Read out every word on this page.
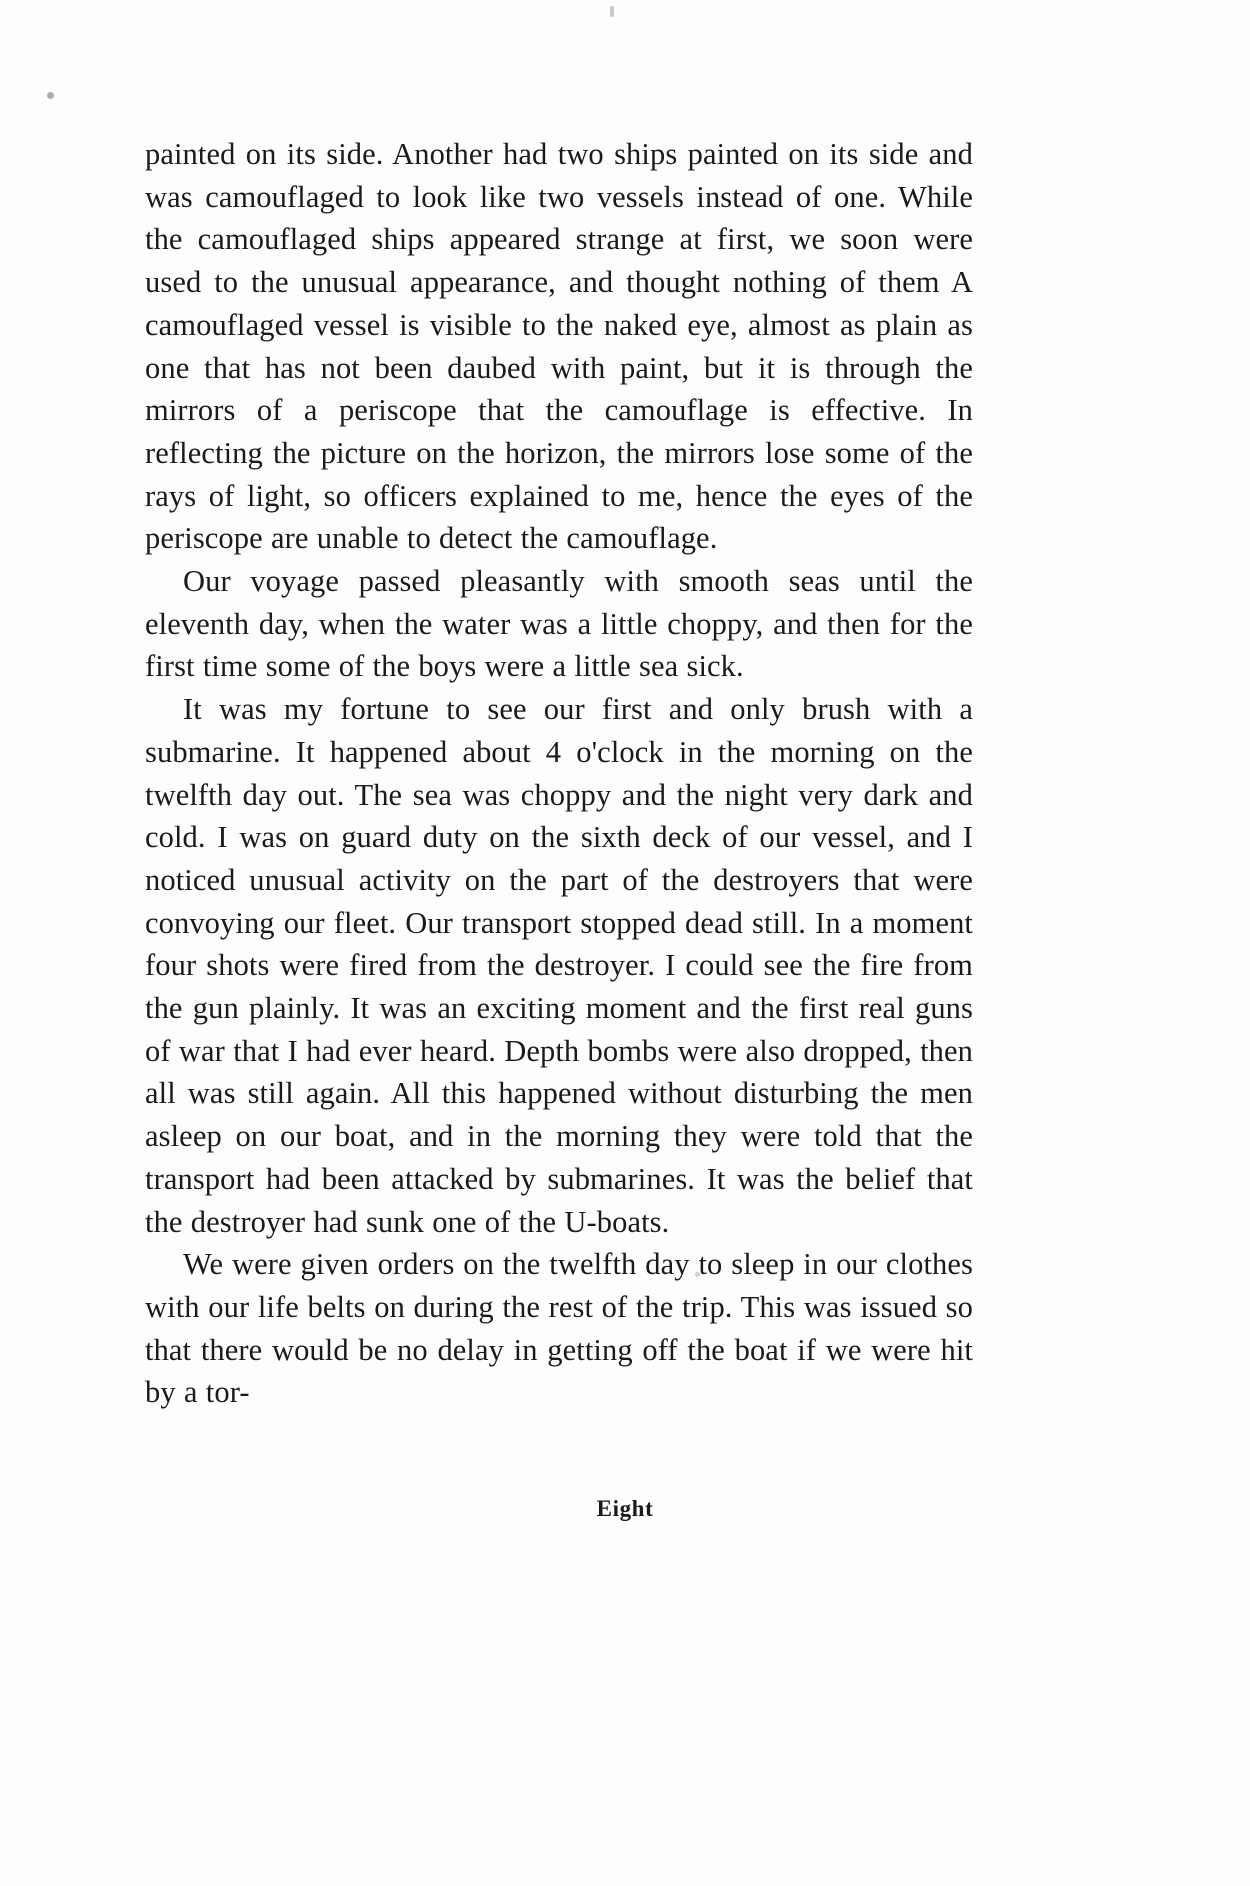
painted on its side. Another had two ships painted on its side and was camouflaged to look like two vessels instead of one. While the camouflaged ships appeared strange at first, we soon were used to the unusual appearance, and thought nothing of them A camouflaged vessel is visible to the naked eye, almost as plain as one that has not been daubed with paint, but it is through the mirrors of a periscope that the camouflage is effective. In reflecting the picture on the horizon, the mirrors lose some of the rays of light, so officers explained to me, hence the eyes of the periscope are unable to detect the camouflage.

Our voyage passed pleasantly with smooth seas until the eleventh day, when the water was a little choppy, and then for the first time some of the boys were a little sea sick.

It was my fortune to see our first and only brush with a submarine. It happened about 4 o'clock in the morning on the twelfth day out. The sea was choppy and the night very dark and cold. I was on guard duty on the sixth deck of our vessel, and I noticed unusual activity on the part of the destroyers that were convoying our fleet. Our transport stopped dead still. In a moment four shots were fired from the destroyer. I could see the fire from the gun plainly. It was an exciting moment and the first real guns of war that I had ever heard. Depth bombs were also dropped, then all was still again. All this happened without disturbing the men asleep on our boat, and in the morning they were told that the transport had been attacked by submarines. It was the belief that the destroyer had sunk one of the U-boats.

We were given orders on the twelfth day to sleep in our clothes with our life belts on during the rest of the trip. This was issued so that there would be no delay in getting off the boat if we were hit by a tor-

Eight
